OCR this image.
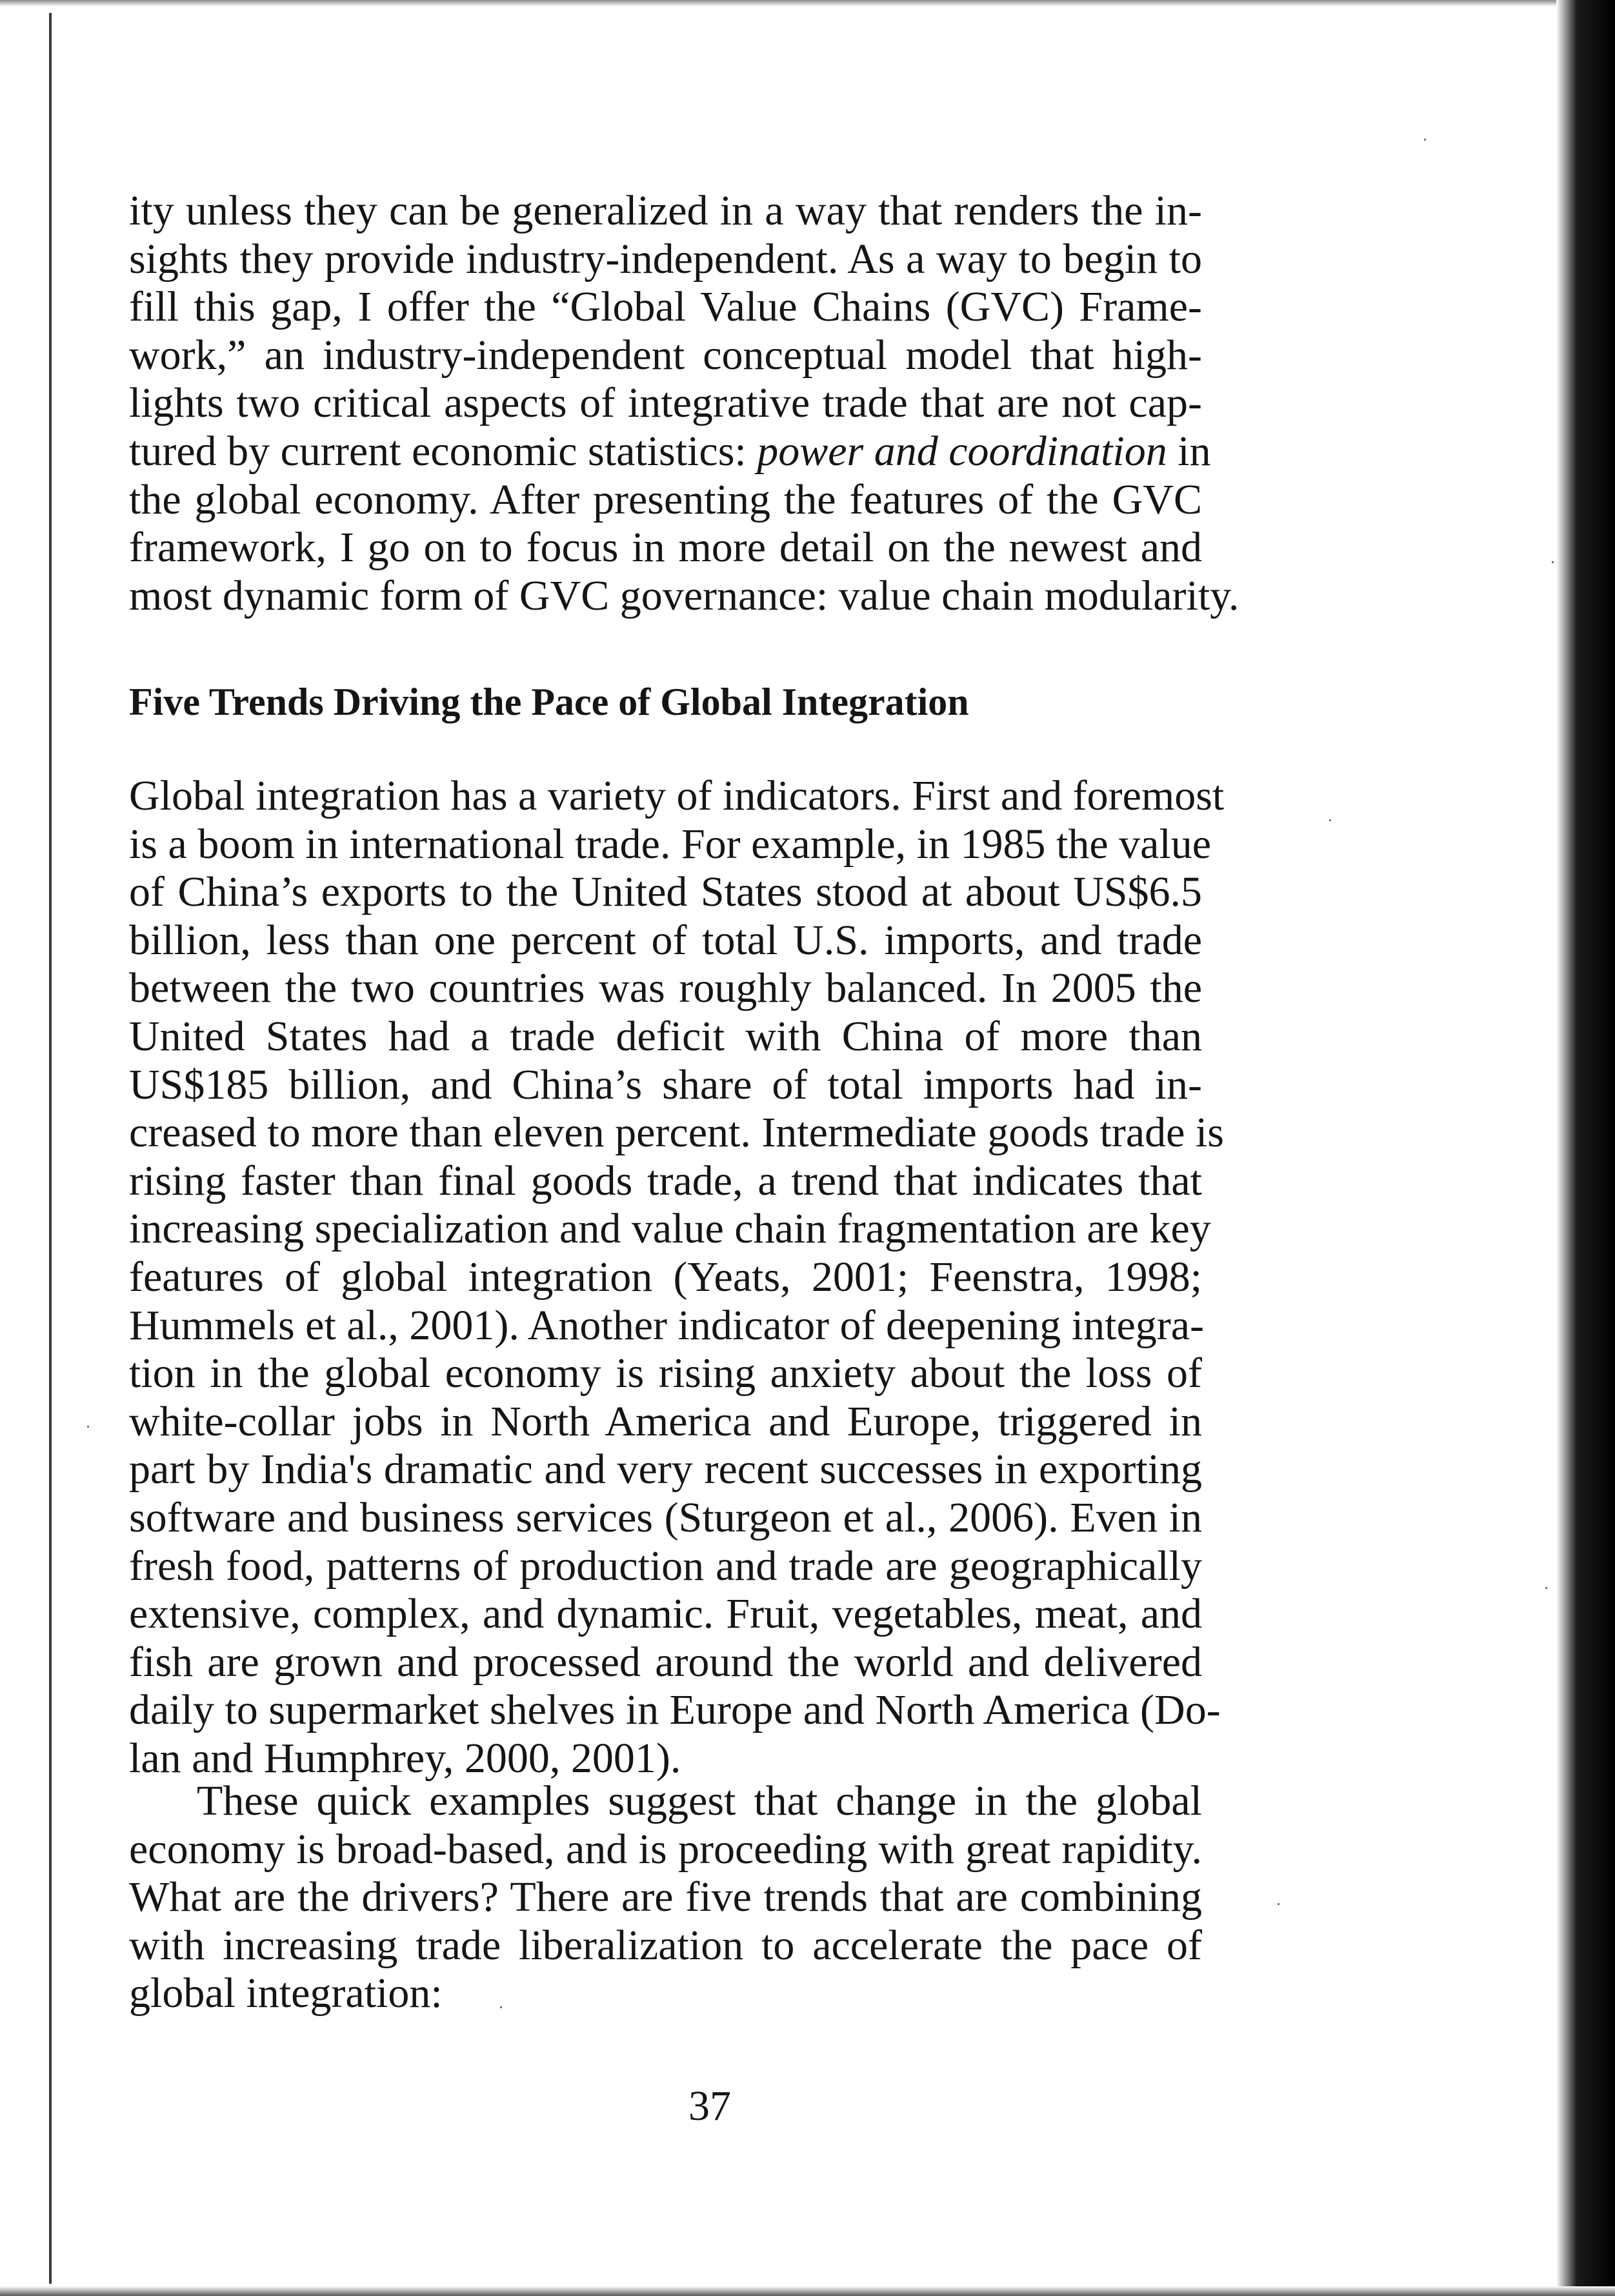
ity unless they can be generalized in a way that renders the in-
sights they provide industry-independent. As a way to begin to
fill this gap, I offer the “Global Value Chains (GVC) Frame-
work,” an industry-independent conceptual model that high-
lights two critical aspects of integrative trade that are not cap-
tured by current economic statistics: power and coordination in
the global economy. After presenting the features of the GVC
framework, I go on to focus in more detail on the newest and
most dynamic form of GVC governance: value chain modularity.
Five Trends Driving the Pace of Global Integration
Global integration has a variety of indicators. First and foremost
is a boom in international trade. For example, in 1985 the value
of China’s exports to the United States stood at about US$6.5
billion, less than one percent of total U.S. imports, and trade
between the two countries was roughly balanced. In 2005 the
United States had a trade deficit with China of more than
US$185 billion, and China’s share of total imports had in-
creased to more than eleven percent. Intermediate goods trade is
rising faster than final goods trade, a trend that indicates that
increasing specialization and value chain fragmentation are key
features of global integration (Yeats, 2001; Feenstra, 1998;
Hummels et al., 2001). Another indicator of deepening integra-
tion in the global economy is rising anxiety about the loss of
white-collar jobs in North America and Europe, triggered in
part by India's dramatic and very recent successes in exporting
software and business services (Sturgeon et al., 2006). Even in
fresh food, patterns of production and trade are geographically
extensive, complex, and dynamic. Fruit, vegetables, meat, and
fish are grown and processed around the world and delivered
daily to supermarket shelves in Europe and North America (Do-
lan and Humphrey, 2000, 2001).
These quick examples suggest that change in the global
economy is broad-based, and is proceeding with great rapidity.
What are the drivers? There are five trends that are combining
with increasing trade liberalization to accelerate the pace of
global integration:
37
